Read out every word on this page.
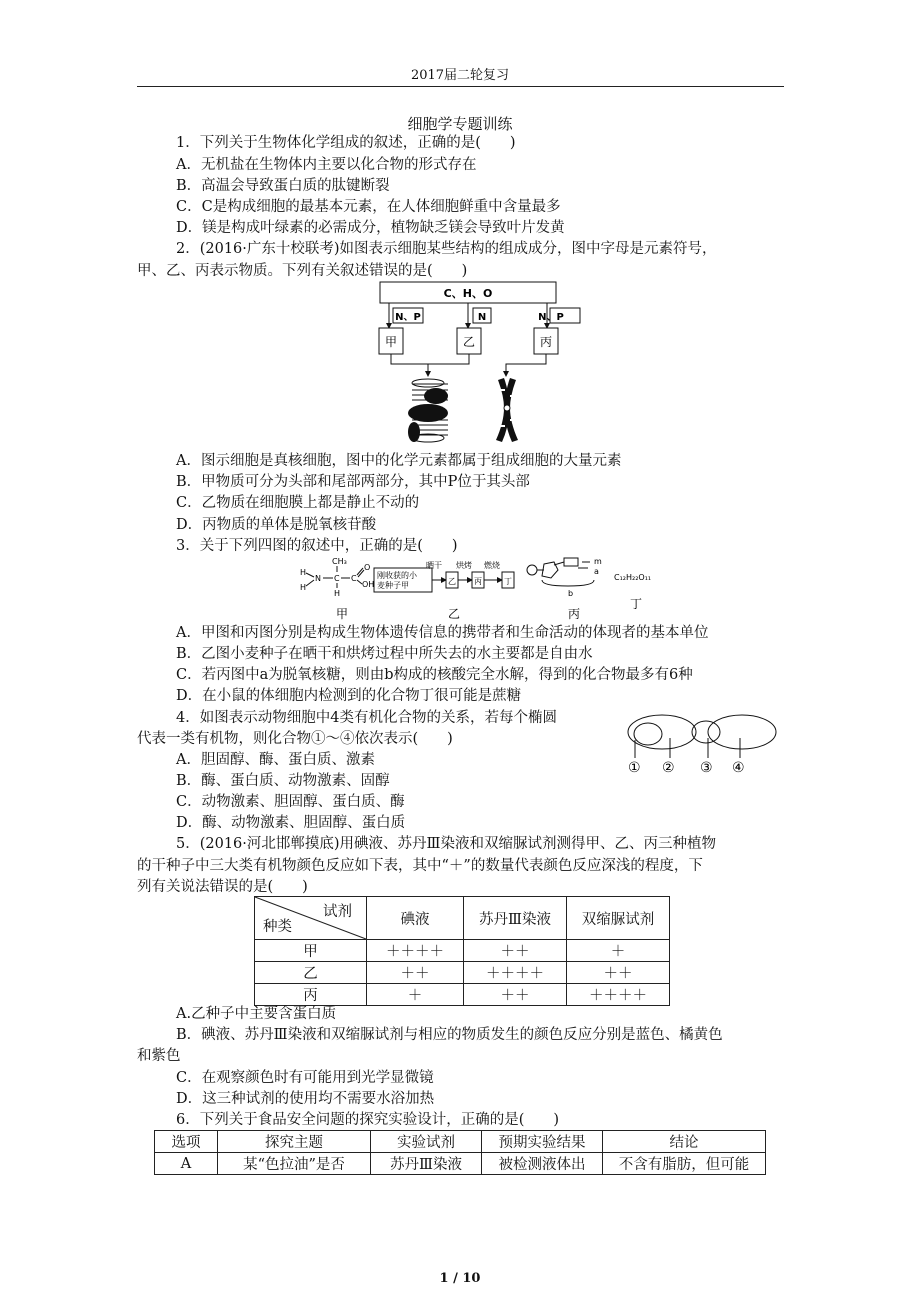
2017届二轮复习
细胞学专题训练
1．下列关于生物体化学组成的叙述，正确的是(　　)
A．无机盐在生物体内主要以化合物的形式存在
B．高温会导致蛋白质的肽键断裂
C．C是构成细胞的最基本元素，在人体细胞鲜重中含量最多
D．镁是构成叶绿素的必需成分，植物缺乏镁会导致叶片发黄
2．(2016·广东十校联考)如图表示细胞某些结构的组成成分，图中字母是元素符号，
甲、乙、丙表示物质。下列有关叙述错误的是(　　)
C、H、O
N、P	N	N、P
甲	乙	丙
A．图示细胞是真核细胞，图中的化学元素都属于组成细胞的大量元素
B．甲物质可分为头部和尾部两部分，其中P位于其头部
C．乙物质在细胞膜上都是静止不动的
D．丙物质的单体是脱氧核苷酸
3．关于下列四图的叙述中，正确的是(　　)
CH₃
H
N C C
O
OH
H
H
刚收获的小
麦种子甲
晒干
乙
烘烤
丙
燃烧
丁
m
a
b
C₁₂H₂₂O₁₁
甲	乙	丙
丁
A．甲图和丙图分别是构成生物体遗传信息的携带者和生命活动的体现者的基本单位
B．乙图小麦种子在晒干和烘烤过程中所失去的水主要都是自由水
C．若丙图中a为脱氧核糖，则由b构成的核酸完全水解，得到的化合物最多有6种
D．在小鼠的体细胞内检测到的化合物丁很可能是蔗糖
4．如图表示动物细胞中4类有机化合物的关系，若每个椭圆
代表一类有机物，则化合物①～④依次表示(　　)
① ② ③ ④
A．胆固醇、酶、蛋白质、激素
B．酶、蛋白质、动物激素、固醇
C．动物激素、胆固醇、蛋白质、酶
D．酶、动物激素、胆固醇、蛋白质
5．(2016·河北邯郸摸底)用碘液、苏丹Ⅲ染液和双缩脲试剂测得甲、乙、丙三种植物
的干种子中三大类有机物颜色反应如下表，其中“＋”的数量代表颜色反应深浅的程度，下
列有关说法错误的是(　　)
试剂
种类	碘液	苏丹Ⅲ染液	双缩脲试剂
甲	＋＋＋＋	＋＋	＋
乙	＋＋	＋＋＋＋	＋＋
丙	＋	＋＋	＋＋＋＋
A.乙种子中主要含蛋白质
B．碘液、苏丹Ⅲ染液和双缩脲试剂与相应的物质发生的颜色反应分别是蓝色、橘黄色
和紫色
C．在观察颜色时有可能用到光学显微镜
D．这三种试剂的使用均不需要水浴加热
6．下列关于食品安全问题的探究实验设计，正确的是(　　)
选项	探究主题	实验试剂	预期实验结果	结论
A	某“色拉油”是否	苏丹Ⅲ染液	被检测液体出	不含有脂肪，但可能
1 / 10
